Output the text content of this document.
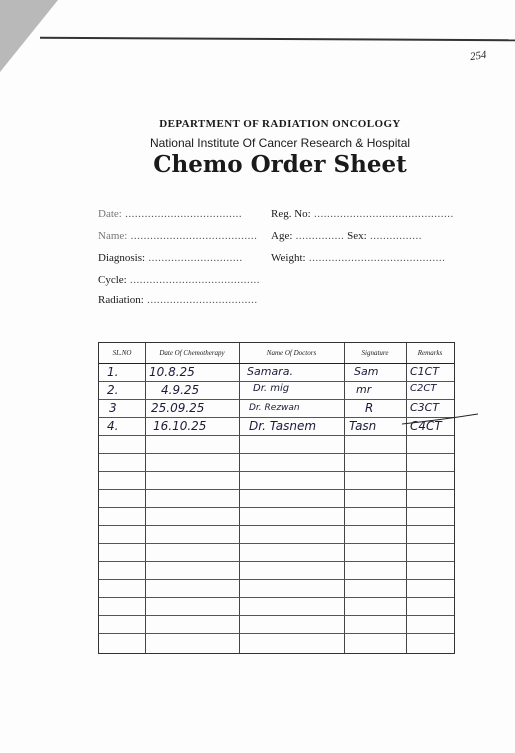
254
DEPARTMENT OF RADIATION ONCOLOGY
National Institute Of Cancer Research & Hospital
Chemo Order Sheet
Date: ....................................	Reg. No: ...........................................
Name: ....................................... Age: ............... Sex: ................
Diagnosis: .............................	Weight: ..........................................
Cycle: ........................................
Radiation: ..................................
SL.NO	Date Of Chemotherapy	Name Of Doctors	Signature	Remarks
1.	10.8.25	Samara.	Sam	C1CT
2.	4.9.25	Dr. mig	mr	C2CT
3	25.09.25	Dr. Rezwan	R	C3CT
4.	16.10.25	Dr. Tasnem	Tasn	C4CT
